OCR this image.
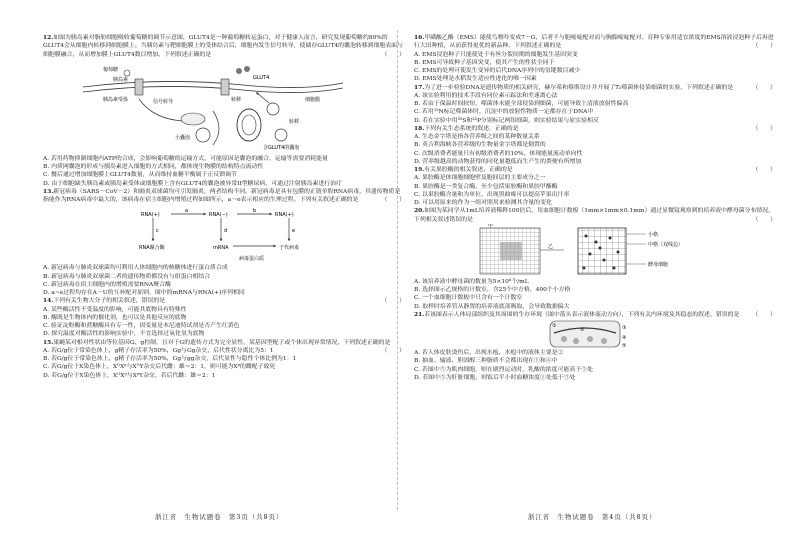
12.如图为胰岛素对脂肪细胞吸收葡萄糖的调节示意图，GLUT4是一种葡萄糖转运蛋白，对于健康人而言，研究发现葡萄糖约80%的GLUT4会从细胞内转移到细胞膜上。当胰岛素与靶细胞膜上的受体结合后，细胞内发生信号转导，使储存GLUT4的囊泡转移到细胞表面与细胞膜融合，从而增加膜上GLUT4数目增加。下列叙述正确的是	（　　）

葡萄糖
胰岛素
胰岛素受体	信号转导
GLUT4
细胞膜
转移
小囊泡
含GLUT4的囊泡
转移

A. 若用药物抑制细胞内ATP的合成，会影响葡萄糖的运输方式，可能原因是囊泡的融合、运输等需要消耗能量

B. 内质网囊泡的形成与胰岛素进入细胞的方式相同，都体现生物膜的结构特点流动性

C. 餐后通过增加细胞膜上GLUT4数量，从而维持血糖平衡属于正反馈调节

D. 由于细胞缺失胰岛素或胰岛素受体或细胞膜上含有GLUT4的囊泡被异常II型糖尿病，可通过注射胰岛素进行治疗

13.新冠病毒（SARS－CoV－2）和肺炎双球菌均可引发肺炎，两者结构不同。新冠病毒是具有包膜的正链单股RNA病毒，其遗传物质是指能作为RNA病毒中最大的，该病毒在宿主细胞内增殖过程如图所示，a～e表示相应的生理过程。下列有关叙述正确的是	（　　）

RNA(+)	RNA(−)	RNA(+)
a	b
c	d	e
RNA聚合酶	mRNA	子代病毒
病毒蛋白质

A. 新冠病毒与肺炎双球菌均可利用人体细胞内的核糖体进行蛋白质合成

B. 新冠病毒与肺炎双球菌二者的遗传物质都没有与组蛋白相结合

C. 新冠病毒在宿主细胞内的增殖需要RNA聚合酶

D. a~e过程均存在A－U的互补配对原则，图中的mRNA与RNA(+)序列相同

14.下列有关生物大分子的相关叙述，错误的是	（　　）

A. 某些酶活性不受温度的影响，可能其底物具有特殊性

B. 酶既是生物体内的催化剂，也可以是其他反应的底物

C. 验证淀粉酶和蔗糖酶具有专一性，因变量是本尼迪特试剂是否产生红黄色

D. 探究温度对酶活性的影响实验中，不宜选择过氧化氢为底物

15.果蝇某对相对性状由等位基因G、g控制，且对于G的遗传方式为完全显性，某基因型配子或个体出现异常情况，下列叙述正确的是
（　　）

A. 若G/g位于常染色体上，g精子存活率为50%，Gg与Gg杂交，后代性状分离比为5：1

B. 若G/g位于常染色体上，g精子存活率为50%，Gg与gg杂交，后代显性与隐性个体比例为1：1

C. 若G/g位于X染色体上，XᴳXᵍ与XᴳY杂交后代雌：雄＝2：1，则可能为Xᵍ的雌配子致死

D. 若G/g位于X染色体上，XᴳXᵍ与XᵍY杂交，若后代雌：雄＝2：1

16.甲磺酸乙酯（EMS）能使鸟嘌呤变成7－G，后者不与胞嘧啶配对而与胸腺嘧啶配对。育种专家用适宜浓度的EMS溶液浸泡种子后再进行大田种植，从而获得更优的新品种。下列叙述正确的是	（　　）

A. EMS浸泡种子只能使处于有丝分裂间期的细胞发生基因突变

B. EMS可导致种子基因突变，使其产生的性状全同于

C. EMS的处理可使发生变异的后代DNA序列中的氢键数目减少

D. EMS处理是水稻发生适应性进化的唯一因素

17.为了进一步检验DNA是遗传物质的相关研究，赫尔希和蔡斯设计并开展了T₂噬菌体侵染细菌的实验，下列叙述正确的是	（　　）

A. 该实验利用的技术手段有同位素示踪法和差速离心法

B. 若由于保温时间较短，噬菌体未能全部侵染到细菌，可能导致上清液放射性偏高

C. 若用¹⁵N标记噬菌体时，沉淀中的放射性物质一定都存在于DNA中

D. 若在实验中用³⁵S和³²P分别标记两组细菌，则实验结果与原实验相反

18.下列有关生态系统的叙述，正确的是	（　　）

A. 生态金字塔是指各营养级之间的某种数量关系

B. 英吉利海峡各营养级的生物量金字塔都是倒置的

C. 次级消费者能量只有初级消费者的10%，体现能量流动单向性

D. 营养级越高的动物获得的同化量越低而生产生的粪便有所增加

19.有关果胶酶的相关叙述，正确的是	（　　）

A. 果胶酶是体细胞细胞壁及胞间层的主要成分之一

B. 果胶酶是一类复合酶，至少包括果胶酶和果胶甲酯酶

C. 以果胶酶含量和为单位，出现黑曲霉可以提高苹果出汁率

D. 可以用原来的作为一组对照用来检测其含量的变化

20.如图为某同学从1mL培养液稀释100倍后，用血细胞计数板（1mm×1mm×0.1mm）通过显微镜观察到的培养液中酵母菌分布情况，下列相关叙述错误的是	（　　）

甲
乙
小格
中格（双线边）
酵母细胞

A. 该培养液中酵母菌的数量为5×10⁸个/mL

B. 选择图示乙规格的计数室，含25个中方格，400个小方格

C. 一个血细胞计数板中只含有一个计数室

D. 取样时培养管从静置的培养液底部吸取，会导致数据偏大

21.若该图表示人体局部组织及其周围的生存环境（图中箭头表示液体流动方向），下列有关内环境及其稳态的叙述，错误的是 （　　）

①
②	③
④
⑤

A. 若人体皮肤烫伤后，出现水疱，水疱中的液体主要是②

B. 抽血、输液、胆固醇三种脂质不会都出现在①和④中

C. 若图中⑤为肌肉细胞，则在剧烈运动时，乳酸的浓度可能高于⑤处

D. 若图中⑤为肝脏细胞，则饭后半小时血糖浓度①处低于⑤处

浙江省　生物试题卷　第3页（共8页）	浙江省　生物试题卷　第4页（共8页）
